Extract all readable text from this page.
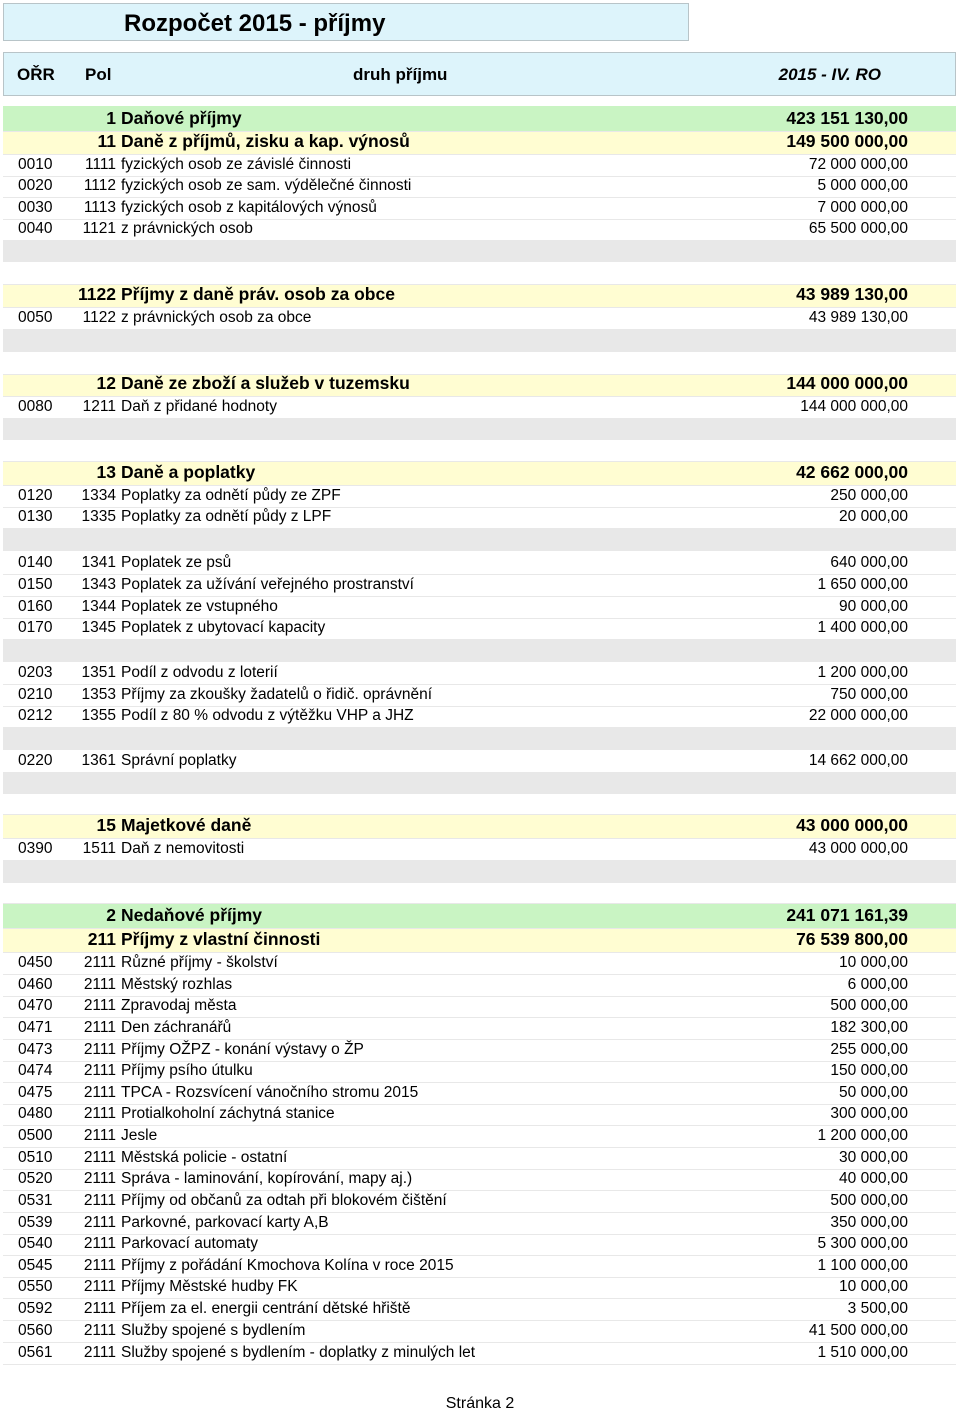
Rozpočet 2015 - příjmy
OŘR Pol	druh příjmu	2015 - IV. RO
1 Daňové příjmy	423 151 130,00
11 Daně z příjmů, zisku a kap. výnosů	149 500 000,00
0010 1111 fyzických osob ze závislé činnosti	72 000 000,00
0020 1112 fyzických osob ze sam. výdělečné činnosti	5 000 000,00
0030 1113 fyzických osob z kapitálových výnosů	7 000 000,00
0040 1121 z právnických osob	65 500 000,00
1122 Příjmy z daně práv. osob za obce	43 989 130,00
0050 1122 z právnických osob za obce	43 989 130,00
12 Daně ze zboží a služeb v tuzemsku	144 000 000,00
0080 1211 Daň z přidané hodnoty	144 000 000,00
13 Daně a poplatky	42 662 000,00
0120 1334 Poplatky za odnětí půdy ze ZPF	250 000,00
0130 1335 Poplatky za odnětí půdy z LPF	20 000,00
0140 1341 Poplatek ze psů	640 000,00
0150 1343 Poplatek za užívání veřejného prostranství	1 650 000,00
0160 1344 Poplatek ze vstupného	90 000,00
0170 1345 Poplatek z ubytovací kapacity	1 400 000,00
0203 1351 Podíl z odvodu z loterií	1 200 000,00
0210 1353 Příjmy za zkoušky žadatelů o řidič. oprávnění	750 000,00
0212 1355 Podíl z 80 % odvodu z výtěžku VHP a JHZ	22 000 000,00
0220 1361 Správní poplatky	14 662 000,00
15 Majetkové daně	43 000 000,00
0390 1511 Daň z nemovitosti	43 000 000,00
2 Nedaňové příjmy	241 071 161,39
211 Příjmy z vlastní činnosti	76 539 800,00
0450 2111 Různé příjmy - školství	10 000,00
0460 2111 Městský rozhlas	6 000,00
0470 2111 Zpravodaj města	500 000,00
0471 2111 Den záchranářů	182 300,00
0473 2111 Příjmy OŽPZ - konání výstavy o ŽP	255 000,00
0474 2111 Příjmy psího útulku	150 000,00
0475 2111 TPCA - Rozsvícení vánočního stromu 2015	50 000,00
0480 2111 Protialkoholní záchytná stanice	300 000,00
0500 2111 Jesle	1 200 000,00
0510 2111 Městská policie - ostatní	30 000,00
0520 2111 Správa - laminování, kopírování, mapy aj.)	40 000,00
0531 2111 Příjmy od občanů za odtah při blokovém čištění	500 000,00
0539 2111 Parkovné, parkovací karty A,B	350 000,00
0540 2111 Parkovací automaty	5 300 000,00
0545 2111 Příjmy z pořádání Kmochova Kolína v roce 2015	1 100 000,00
0550 2111 Příjmy Městské hudby FK	10 000,00
0592 2111 Příjem za el. energii centrání dětské hřiště	3 500,00
0560 2111 Služby spojené s bydlením	41 500 000,00
0561 2111 Služby spojené s bydlením - doplatky z minulých let	1 510 000,00
Stránka 2
